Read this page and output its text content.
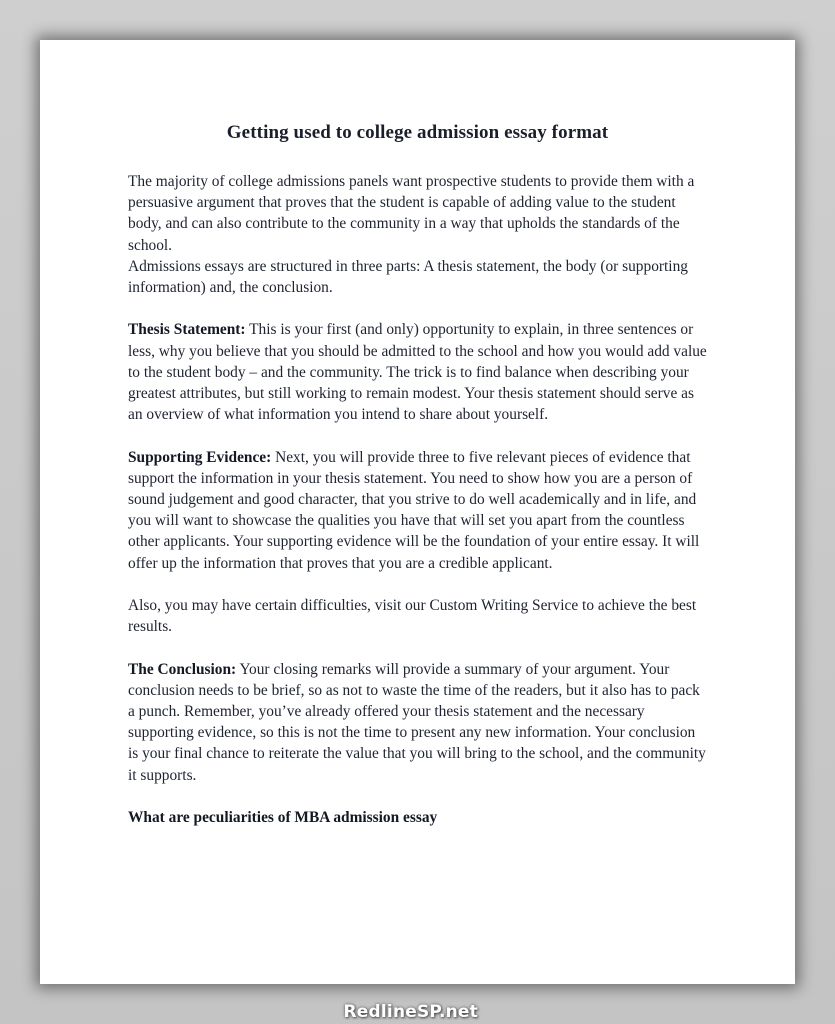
Getting used to college admission essay format

The majority of college admissions panels want prospective students to provide them with a persuasive argument that proves that the student is capable of adding value to the student body, and can also contribute to the community in a way that upholds the standards of the school.

Admissions essays are structured in three parts: A thesis statement, the body (or supporting information) and, the conclusion.

Thesis Statement: This is your first (and only) opportunity to explain, in three sentences or less, why you believe that you should be admitted to the school and how you would add value to the student body – and the community. The trick is to find balance when describing your greatest attributes, but still working to remain modest. Your thesis statement should serve as an overview of what information you intend to share about yourself.

Supporting Evidence: Next, you will provide three to five relevant pieces of evidence that support the information in your thesis statement. You need to show how you are a person of sound judgement and good character, that you strive to do well academically and in life, and you will want to showcase the qualities you have that will set you apart from the countless other applicants. Your supporting evidence will be the foundation of your entire essay. It will offer up the information that proves that you are a credible applicant.

Also, you may have certain difficulties, visit our Custom Writing Service to achieve the best results.

The Conclusion: Your closing remarks will provide a summary of your argument. Your conclusion needs to be brief, so as not to waste the time of the readers, but it also has to pack a punch. Remember, you’ve already offered your thesis statement and the necessary supporting evidence, so this is not the time to present any new information. Your conclusion is your final chance to reiterate the value that you will bring to the school, and the community it supports.

What are peculiarities of MBA admission essay

RedlineSP.net
